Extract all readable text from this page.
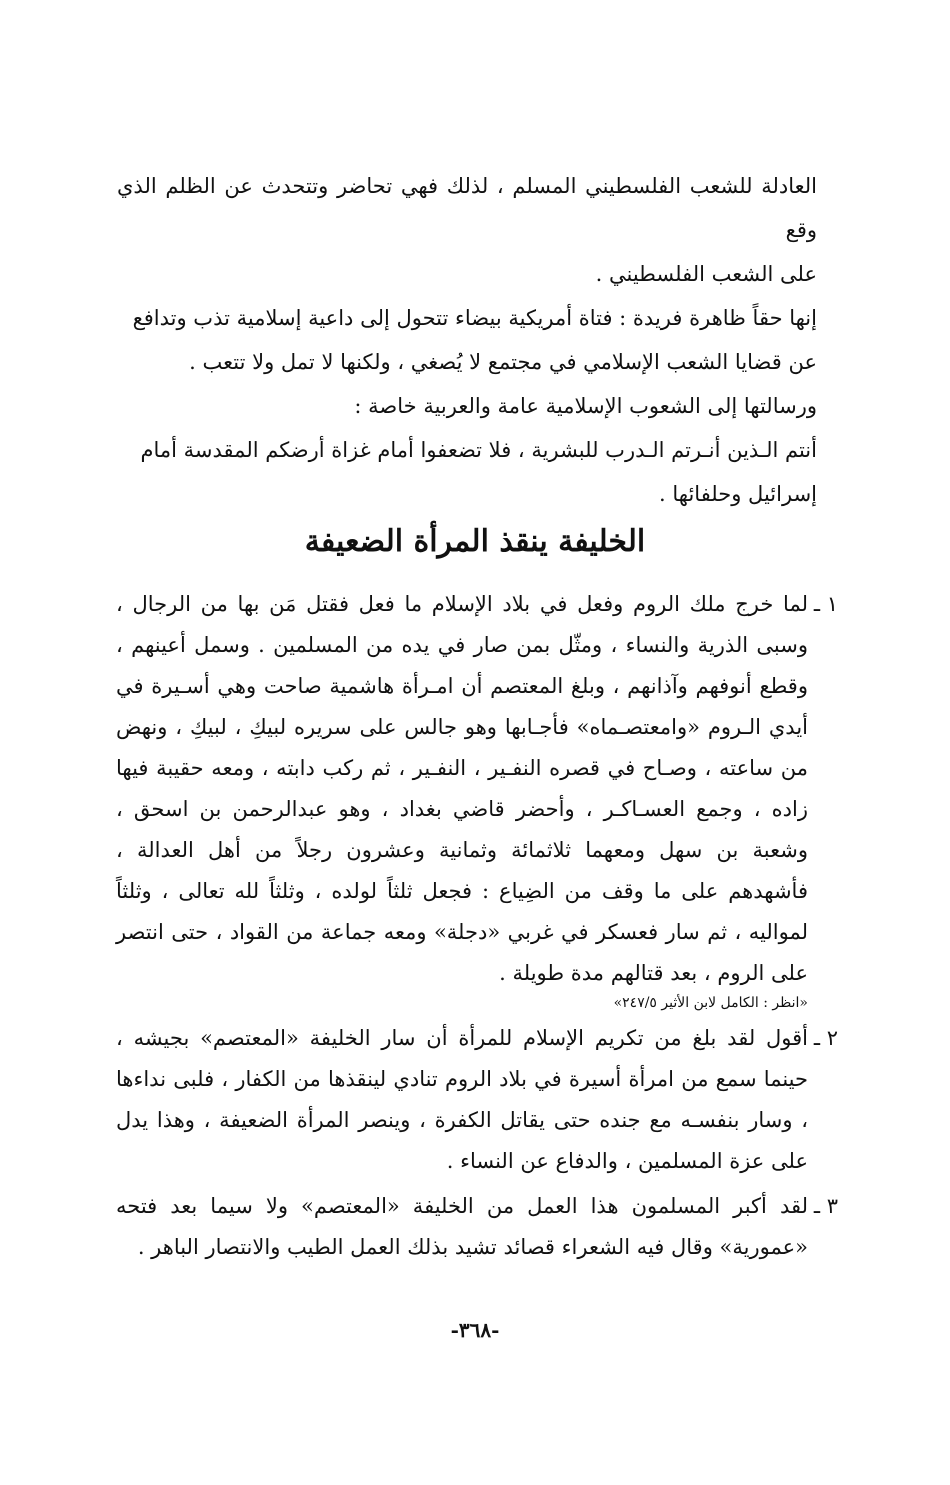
العادلة للشعب الفلسطيني المسلم ، لذلك فهي تحاضر وتتحدث عن الظلم الذي وقع

على الشعب الفلسطيني .

إنها حقاً ظاهرة فريدة : فتاة أمريكية بيضاء تتحول إلى داعية إسلامية تذب وتدافع

عن قضايا الشعب الإسلامي في مجتمع لا يُصغي ، ولكنها لا تمل ولا تتعب .

ورسالتها إلى الشعوب الإسلامية عامة والعربية خاصة :

أنتم الـذين أنـرتم الـدرب للبشرية ، فلا تضعفوا أمام غزاة أرضكم المقدسة أمام

إسرائيل وحلفائها .

الخليفة ينقذ المرأة الضعيفة
١ ـ

لما خرج ملك الروم وفعل في بلاد الإسلام ما فعل فقتل مَن بها من الرجال ، وسبى الذرية والنساء ، ومثّل بمن صار في يده من المسلمين . وسمل أعينهم ، وقطع أنوفهم وآذانهم ، وبلغ المعتصم أن امـرأة هاشمية صاحت وهي أسـيرة في أيدي الـروم «وامعتصـماه» فأجـابها وهو جالس على سريره لبيكِ ، لبيكِ ، ونهض من ساعته ، وصـاح في قصره النفـير ، النفـير ، ثم ركب دابته ، ومعه حقيبة فيها زاده ، وجمع العسـاكـر ، وأحضر قاضي بغداد ، وهو عبدالرحمن بن اسحق ، وشعبة بن سهل ومعهما ثلاثمائة وثمانية وعشرون رجلاً من أهل العدالة ، فأشهدهم على ما وقف من الضِياع : فجعل ثلثاً لولده ، وثلثاً لله تعالى ، وثلثاً لمواليه ، ثم سار فعسكر في غربي «دجلة» ومعه جماعة من القواد ، حتى انتصر على الروم ، بعد قتالهم مدة طويلة .

«انظر : الكامل لابن الأثير ٢٤٧/٥»
٢ ـ

أقول لقد بلغ من تكريم الإسلام للمرأة أن سار الخليفة «المعتصم» بجيشه ، حينما سمع من امرأة أسيرة في بلاد الروم تنادي لينقذها من الكفار ، فلبى نداءها ، وسار بنفسـه مع جنده حتى يقاتل الكفرة ، وينصر المرأة الضعيفة ، وهذا يدل على عزة المسلمين ، والدفاع عن النساء .

٣ ـ

لقد أكبر المسلمون هذا العمل من الخليفة «المعتصم» ولا سيما بعد فتحه «عمورية» وقال فيه الشعراء قصائد تشيد بذلك العمل الطيب والانتصار الباهر .

-٣٦٨-
